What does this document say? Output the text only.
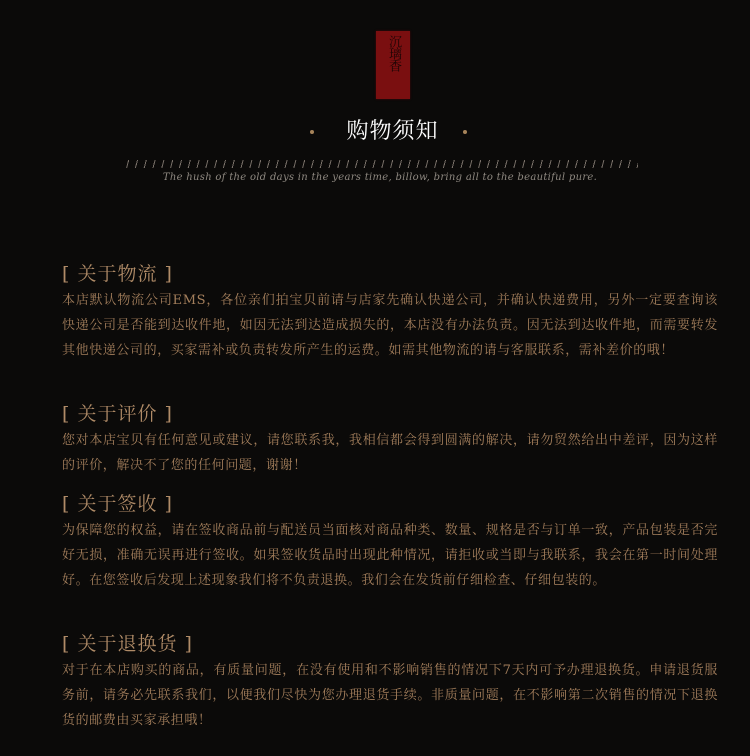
沉璃香
购物须知
The hush of the old days in the years time, billow, bring all to the beautiful pure.
[ 关于物流 ]

本店默认物流公司EMS，各位亲们拍宝贝前请与店家先确认快递公司，并确认快递费用，另外一定要查询该快递公司是否能到达收件地，如因无法到达造成损失的，本店没有办法负责。因无法到达收件地，而需要转发其他快递公司的，买家需补或负责转发所产生的运费。如需其他物流的请与客服联系，需补差价的哦！

[ 关于评价 ]

您对本店宝贝有任何意见或建议，请您联系我，我相信都会得到圆满的解决，请勿贸然给出中差评，因为这样的评价，解决不了您的任何问题，谢谢！

[ 关于签收 ]

为保障您的权益，请在签收商品前与配送员当面核对商品种类、数量、规格是否与订单一致，产品包装是否完好无损，准确无误再进行签收。如果签收货品时出现此种情况，请拒收或当即与我联系，我会在第一时间处理好。在您签收后发现上述现象我们将不负责退换。我们会在发货前仔细检查、仔细包装的。

[ 关于退换货 ]

对于在本店购买的商品，有质量问题，在没有使用和不影响销售的情况下7天内可予办理退换货。申请退货服务前，请务必先联系我们，以便我们尽快为您办理退货手续。非质量问题，在不影响第二次销售的情况下退换货的邮费由买家承担哦！
